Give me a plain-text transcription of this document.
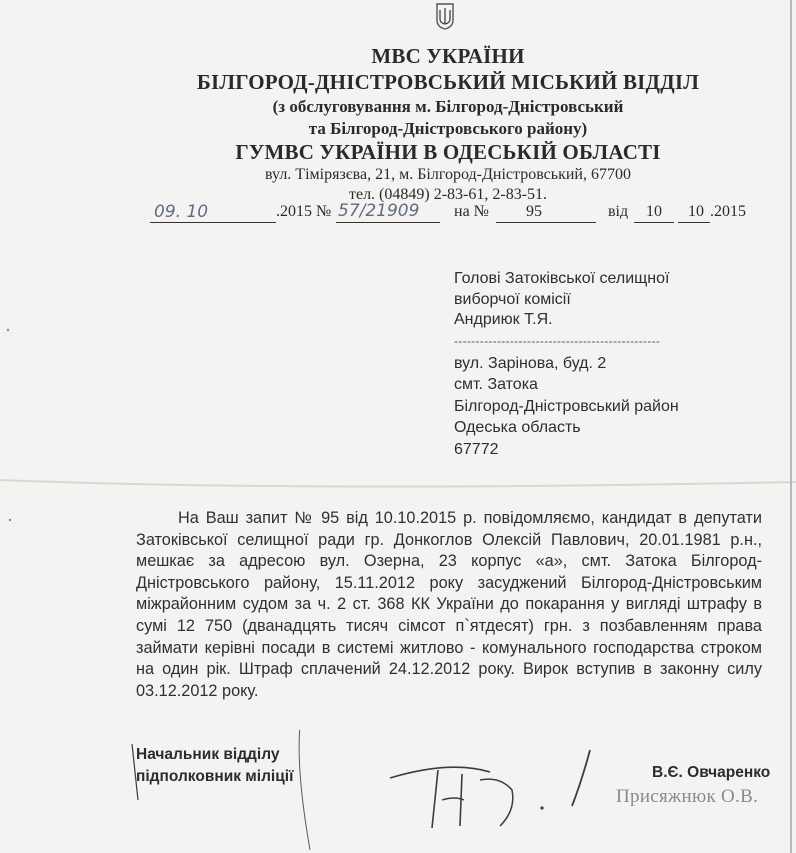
МВС УКРАЇНИ
БІЛГОРОД-ДНІСТРОВСЬКИЙ МІСЬКИЙ ВІДДІЛ
(з обслуговування м. Білгород-Дністровський
та Білгород-Дністровського району)
ГУМВС УКРАЇНИ В ОДЕСЬКІЙ ОБЛАСТІ
вул. Тімірязєва, 21, м. Білгород-Дністровський, 67700
тел. (04849) 2-83-61, 2-83-51.
09. 10	.2015 № 57/21909 на № 95	від 10 10 .2015
Голові Затоківської селищної
виборчої комісії
Андриюк Т.Я.
------------------------------------------------
вул. Зарінова, буд. 2
смт. Затока
Білгород-Дністровський район
Одеська область
67772
На Ваш запит № 95 від 10.10.2015 р. повідомляємо, кандидат в депутати Затоківської селищної ради гр. Донкоглов Олексій Павлович, 20.01.1981 р.н., мешкає за адресою вул. Озерна, 23 корпус «а», смт. Затока Білгород-Дністровського району, 15.11.2012 року засуджений Білгород-Дністровським міжрайонним судом за ч. 2 ст. 368 КК України до покарання у вигляді штрафу в сумі 12 750 (дванадцять тисяч сімсот п`ятдесят) грн. з позбавленням права займати керівні посади в системі житлово - комунального господарства строком на один рік. Штраф сплачений 24.12.2012 року. Вирок вступив в законну силу 03.12.2012 року.
Начальник відділу
підполковник міліції	В.Є. Овчаренко
Присяжнюк О.В.
